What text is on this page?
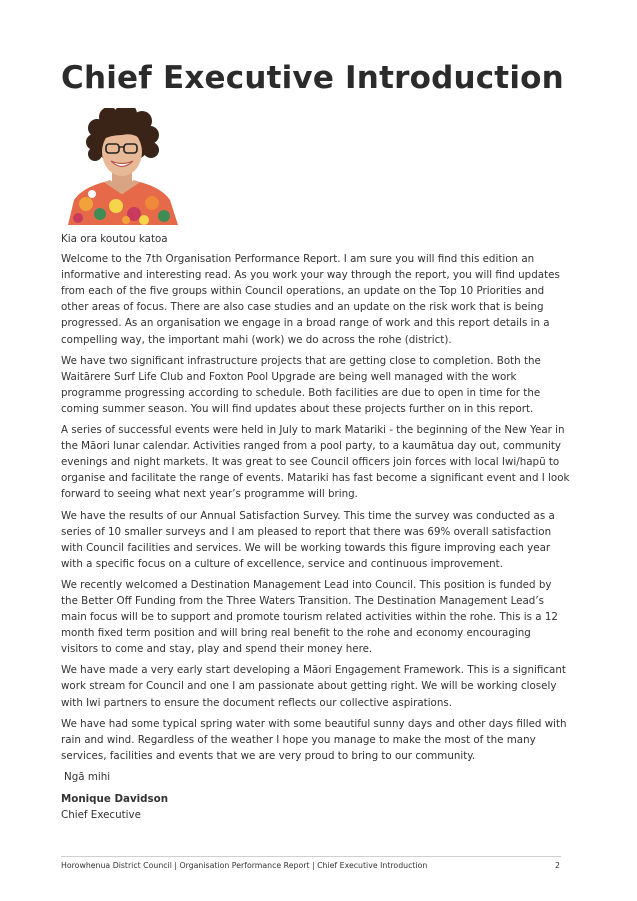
Chief Executive Introduction

Kia ora koutou katoa

Welcome to the 7th Organisation Performance Report. I am sure you will find this edition an informative and interesting read. As you work your way through the report, you will find updates from each of the five groups within Council operations, an update on the Top 10 Priorities and other areas of focus. There are also case studies and an update on the risk work that is being progressed. As an organisation we engage in a broad range of work and this report details in a compelling way, the important mahi (work) we do across the rohe (district).

We have two significant infrastructure projects that are getting close to completion. Both the Waitārere Surf Life Club and Foxton Pool Upgrade are being well managed with the work programme progressing according to schedule. Both facilities are due to open in time for the coming summer season. You will find updates about these projects further on in this report.

A series of successful events were held in July to mark Matariki - the beginning of the New Year in the Māori lunar calendar. Activities ranged from a pool party, to a kaumātua day out, community evenings and night markets. It was great to see Council officers join forces with local Iwi/hapū to organise and facilitate the range of events. Matariki has fast become a significant event and I look forward to seeing what next year’s programme will bring.

We have the results of our Annual Satisfaction Survey. This time the survey was conducted as a series of 10 smaller surveys and I am pleased to report that there was 69% overall satisfaction with Council facilities and services. We will be working towards this figure improving each year with a specific focus on a culture of excellence, service and continuous improvement.

We recently welcomed a Destination Management Lead into Council. This position is funded by the Better Off Funding from the Three Waters Transition. The Destination Management Lead’s main focus will be to support and promote tourism related activities within the rohe. This is a 12 month fixed term position and will bring real benefit to the rohe and economy encouraging visitors to come and stay, play and spend their money here.

We have made a very early start developing a Māori Engagement Framework. This is a significant work stream for Council and one I am passionate about getting right. We will be working closely with Iwi partners to ensure the document reflects our collective aspirations.

We have had some typical spring water with some beautiful sunny days and other days filled with rain and wind. Regardless of the weather I hope you manage to make the most of the many services, facilities and events that we are very proud to bring to our community.

Ngā mihi

Monique Davidson
Chief Executive
Horowhenua District Council | Organisation Performance Report | Chief Executive Introduction	2
